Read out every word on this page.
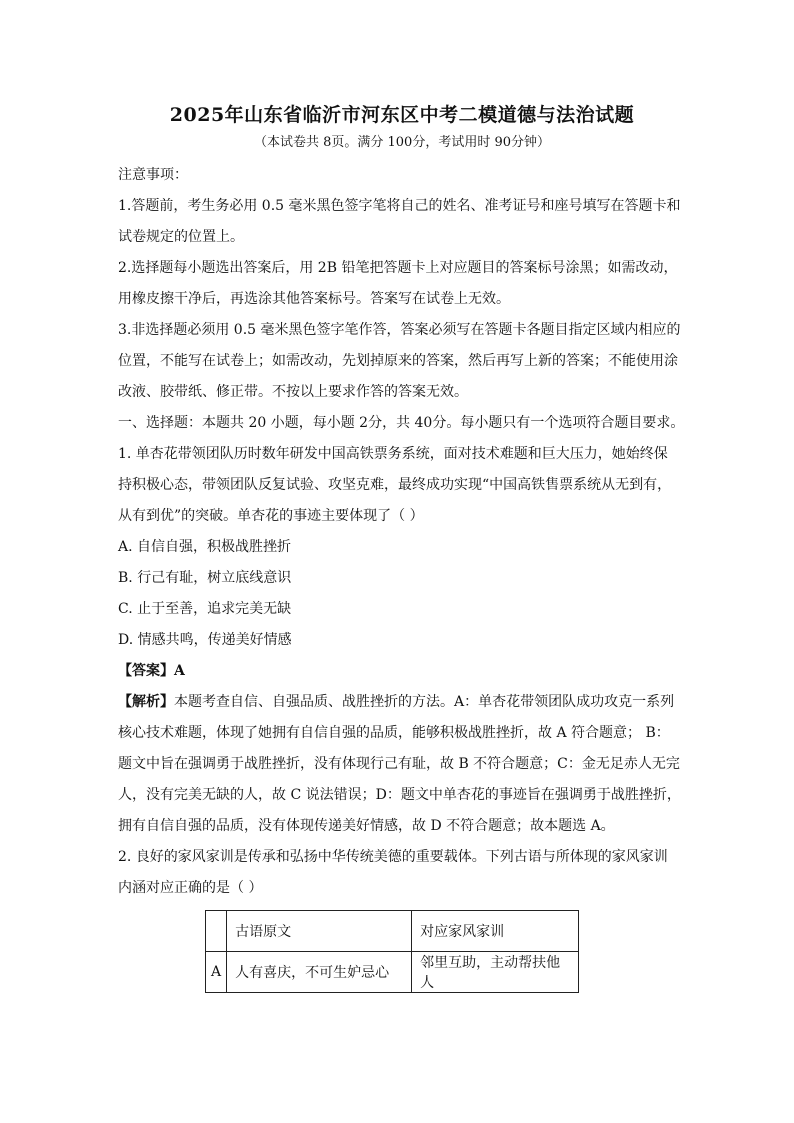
2025年山东省临沂市河东区中考二模道德与法治试题
（本试卷共 8页。满分 100分，考试用时 90分钟）

注意事项：

1.答题前，考生务必用 0.5 毫米黑色签字笔将自己的姓名、准考证号和座号填写在答题卡和

试卷规定的位置上。

2.选择题每小题选出答案后，用 2B 铅笔把答题卡上对应题目的答案标号涂黑；如需改动，

用橡皮擦干净后，再选涂其他答案标号。答案写在试卷上无效。

3.非选择题必须用 0.5 毫米黑色签字笔作答，答案必须写在答题卡各题目指定区域内相应的

位置，不能写在试卷上；如需改动，先划掉原来的答案，然后再写上新的答案；不能使用涂

改液、胶带纸、修正带。不按以上要求作答的答案无效。

一、选择题：本题共 20 小题，每小题 2分，共 40分。每小题只有一个选项符合题目要求。

1. 单杏花带领团队历时数年研发中国高铁票务系统，面对技术难题和巨大压力，她始终保

持积极心态，带领团队反复试验、攻坚克难，最终成功实现“中国高铁售票系统从无到有，

从有到优”的突破。单杏花的事迹主要体现了（ ）

A. 自信自强，积极战胜挫折

B. 行己有耻，树立底线意识

C. 止于至善，追求完美无缺

D. 情感共鸣，传递美好情感

【答案】A

【解析】本题考查自信、自强品质、战胜挫折的方法。A：单杏花带领团队成功攻克一系列

核心技术难题，体现了她拥有自信自强的品质，能够积极战胜挫折，故 A 符合题意； B：

题文中旨在强调勇于战胜挫折，没有体现行己有耻，故 B 不符合题意；C：金无足赤人无完

人，没有完美无缺的人，故 C 说法错误；D：题文中单杏花的事迹旨在强调勇于战胜挫折，

拥有自信自强的品质，没有体现传递美好情感，故 D 不符合题意；故本题选 A。

2. 良好的家风家训是传承和弘扬中华传统美德的重要载体。下列古语与所体现的家风家训

内涵对应正确的是（ ）

	古语原文	对应家风家训
A	人有喜庆，不可生妒忌心	邻里互助，主动帮扶他人
